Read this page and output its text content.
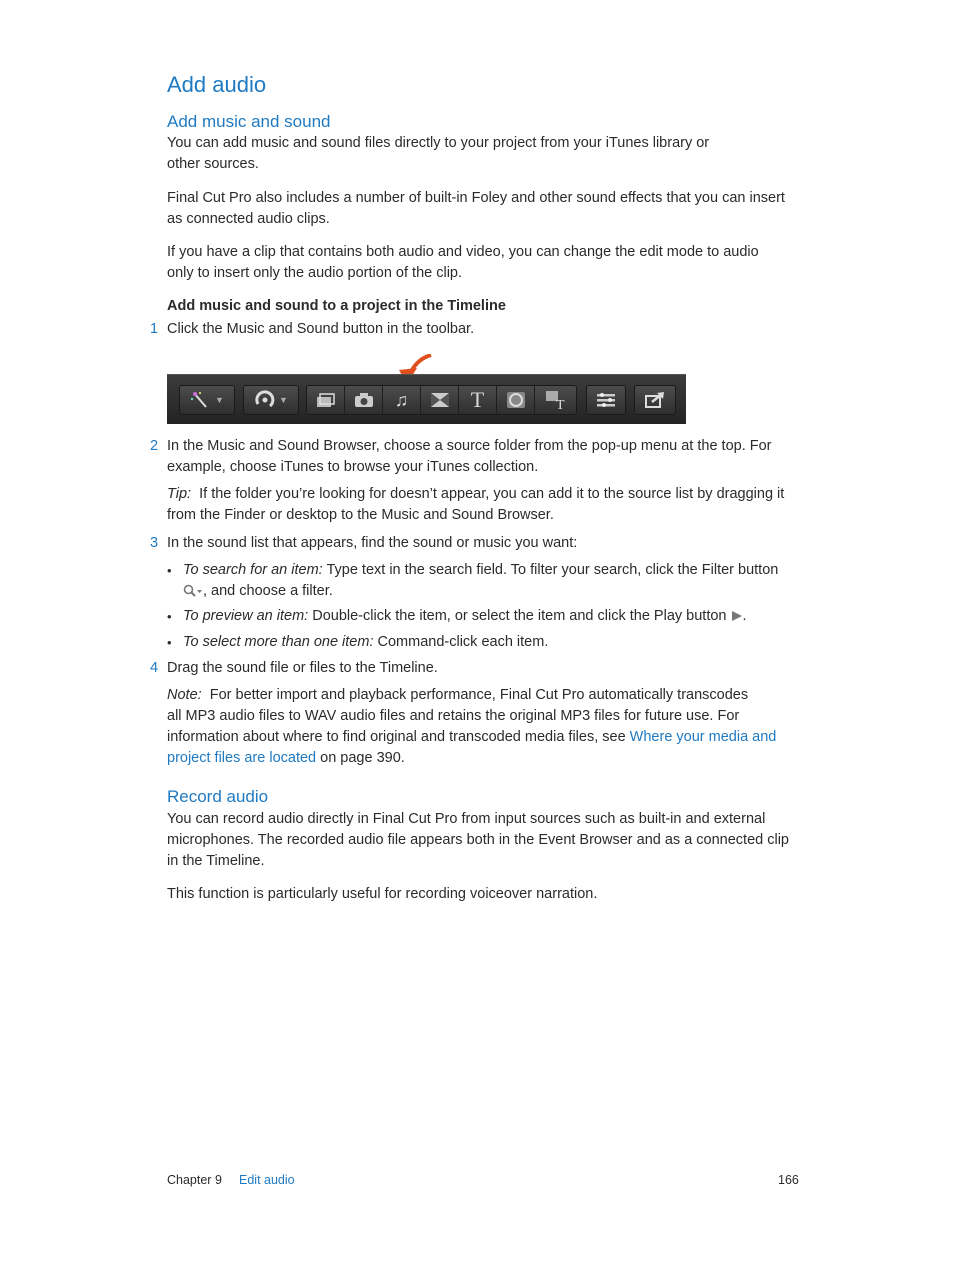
Add audio
Add music and sound

You can add music and sound files directly to your project from your iTunes library or
other sources.

Final Cut Pro also includes a number of built-in Foley and other sound effects that you can insert
as connected audio clips.

If you have a clip that contains both audio and video, you can change the edit mode to audio
only to insert only the audio portion of the clip.

Add music and sound to a project in the Timeline

1 Click the Music and Sound button in the toolbar.

▼	▼	♫	T	T
2 In the Music and Sound Browser, choose a source folder from the pop-up menu at the top. For
example, choose iTunes to browse your iTunes collection.

Tip: If the folder you’re looking for doesn’t appear, you can add it to the source list by dragging it
from the Finder or desktop to the Music and Sound Browser.

3 In the sound list that appears, find the sound or music you want:

• To search for an item: Type text in the search field. To filter your search, click the Filter button
, and choose a filter.

• To preview an item: Double-click the item, or select the item and click the Play button .

• To select more than one item: Command-click each item.

4 Drag the sound file or files to the Timeline.

Note: For better import and playback performance, Final Cut Pro automatically transcodes
all MP3 audio files to WAV audio files and retains the original MP3 files for future use. For
information about where to find original and transcoded media files, see Where your media and
project files are located on page 390.

Record audio

You can record audio directly in Final Cut Pro from input sources such as built-in and external
microphones. The recorded audio file appears both in the Event Browser and as a connected clip
in the Timeline.

This function is particularly useful for recording voiceover narration.

Chapter 9 Edit audio	166
